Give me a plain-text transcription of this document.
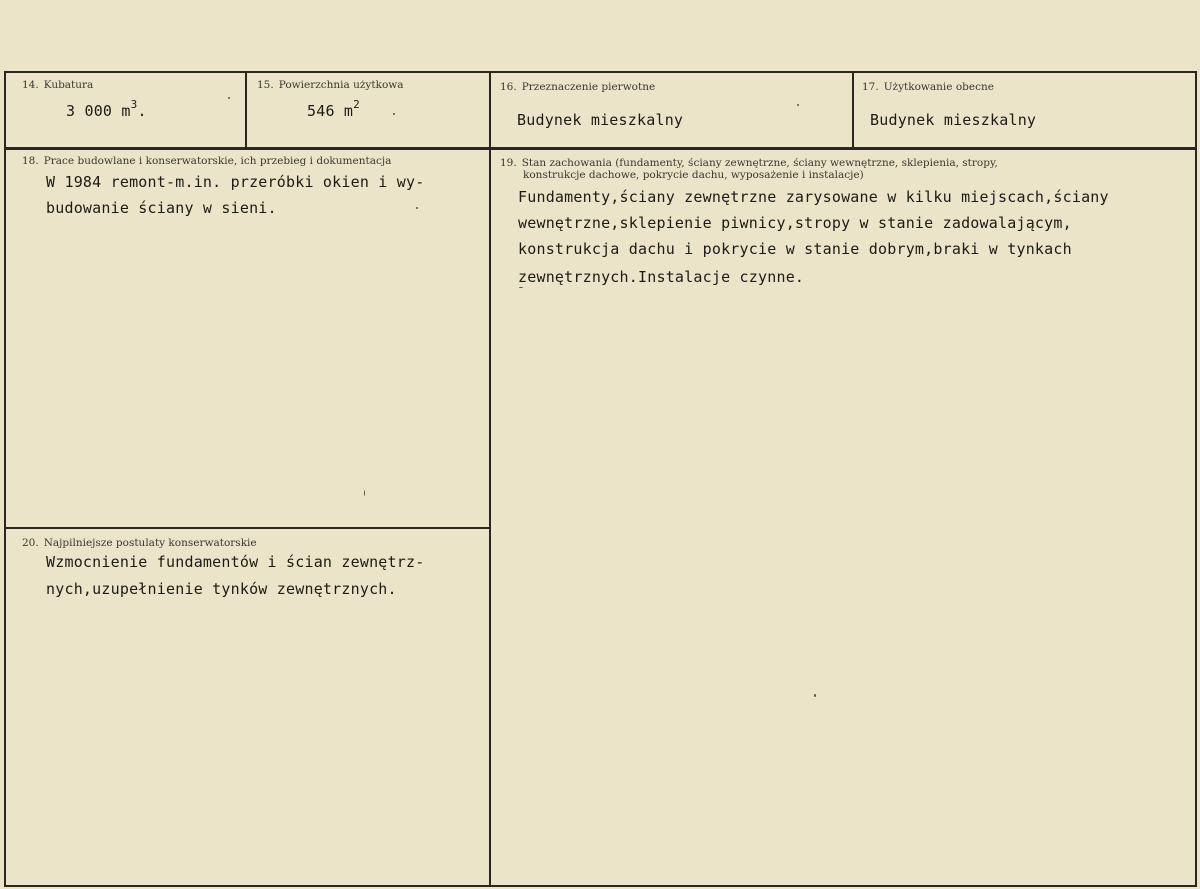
14. Kubatura
3 000 $m^3$.
15. Powierzchnia użytkowa
546 $m^2$
16. Przeznaczenie pierwotne
Budynek mieszkalny
17. Użytkowanie obecne
Budynek mieszkalny
18. Prace budowlane i konserwatorskie, ich przebieg i dokumentacja
W 1984 remont-m.in. przeróbki okien i wy-
budowanie ściany w sieni.
19. Stan zachowania (fundamenty, ściany zewnętrzne, ściany wewnętrzne, sklepienia, stropy,
konstrukcje dachowe, pokrycie dachu, wyposażenie i instalacje)
Fundamenty,ściany zewnętrzne zarysowane w kilku miejscach,ściany
wewnętrzne,sklepienie piwnicy,stropy w stanie zadowalającym,
konstrukcja dachu i pokrycie w stanie dobrym,braki w tynkach
zewnętrznych.Instalacje czynne.
20. Najpilniejsze postulaty konserwatorskie
Wzmocnienie fundamentów i ścian zewnętrz-
nych,uzupełnienie tynków zewnętrznych.
